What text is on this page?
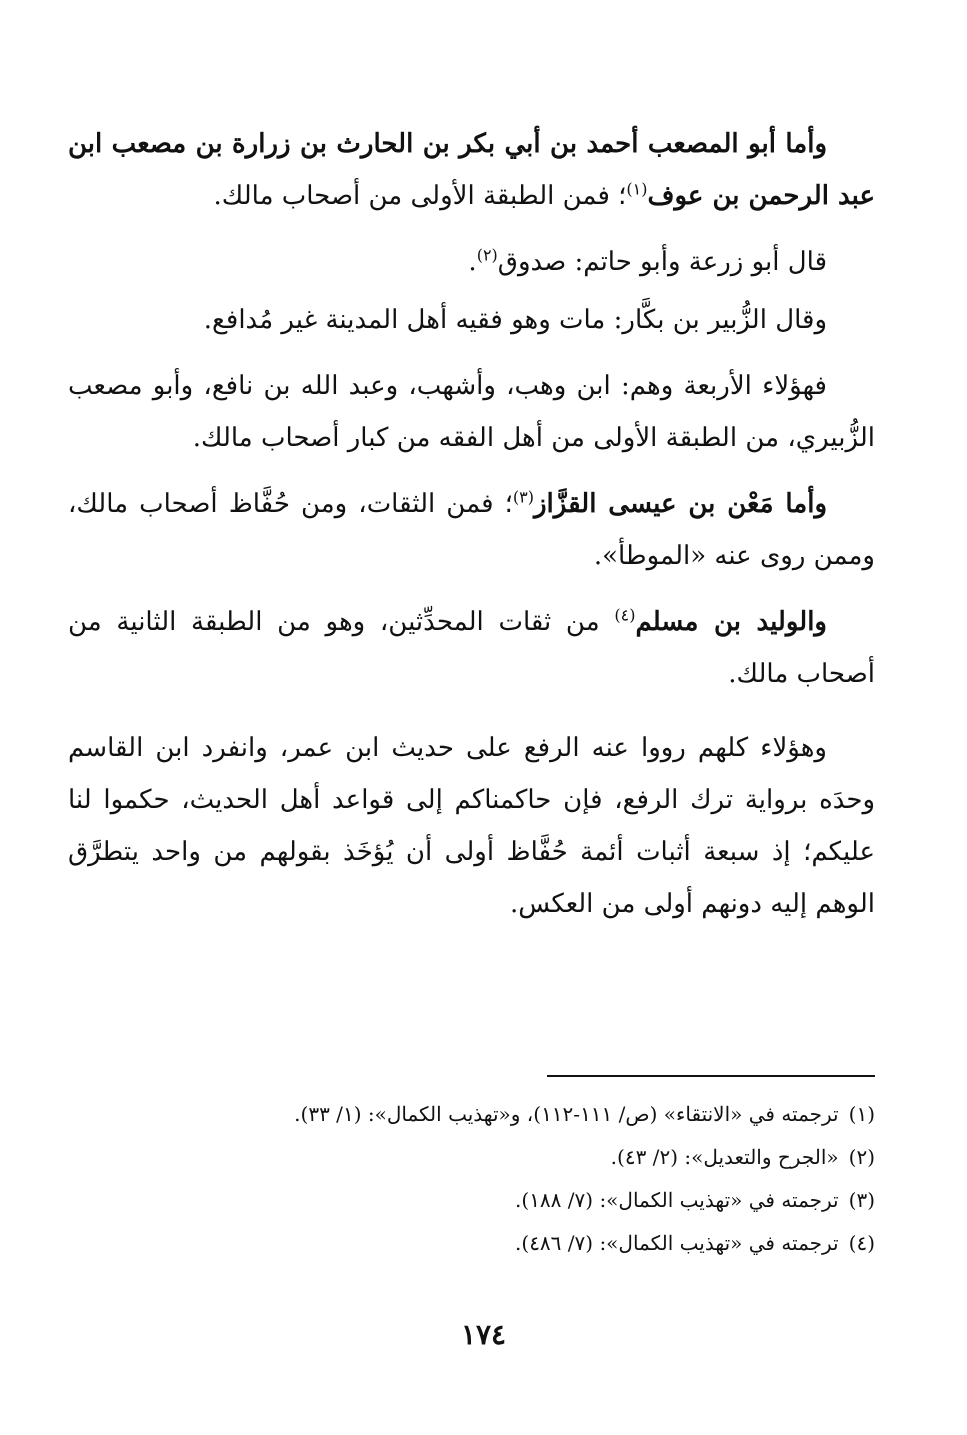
وأما أبو المصعب أحمد بن أبي بكر بن الحارث بن زرارة بن مصعب ابن عبد الرحمن بن عوف$^{(١)}$؛ فمن الطبقة الأولى من أصحاب مالك.

قال أبو زرعة وأبو حاتم: صدوق$^{(٢)}$.

وقال الزُّبير بن بكَّار: مات وهو فقيه أهل المدينة غير مُدافع.

فهؤلاء الأربعة وهم: ابن وهب، وأشهب، وعبد الله بن نافع، وأبو مصعب الزُّبيري، من الطبقة الأولى من أهل الفقه من كبار أصحاب مالك.

وأما مَعْن بن عيسى القزَّاز$^{(٣)}$؛ فمن الثقات، ومن حُفَّاظ أصحاب مالك، وممن روى عنه «الموطأ».

والوليد بن مسلم$^{(٤)}$ من ثقات المحدِّثين، وهو من الطبقة الثانية من أصحاب مالك.

وهؤلاء كلهم رووا عنه الرفع على حديث ابن عمر، وانفرد ابن القاسم وحدَه برواية ترك الرفع، فإن حاكمناكم إلى قواعد أهل الحديث، حكموا لنا عليكم؛ إذ سبعة أثبات أئمة حُفَّاظ أولى أن يُؤخَذ بقولهم من واحد يتطرَّق الوهم إليه دونهم أولى من العكس.

(١)ترجمته في «الانتقاء» (ص/ ١١١-١١٢)، و«تهذيب الكمال»: (١/ ٣٣).
(٢)«الجرح والتعديل»: (٢/ ٤٣).
(٣)ترجمته في «تهذيب الكمال»: (٧/ ١٨٨).
(٤)ترجمته في «تهذيب الكمال»: (٧/ ٤٨٦).
١٧٤
